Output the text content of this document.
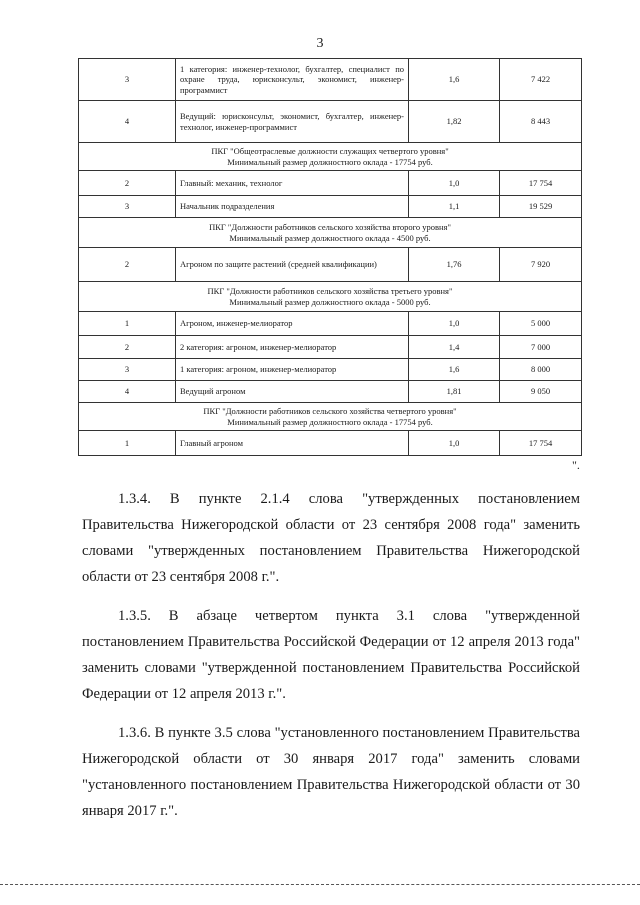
3
3	1 категория: инженер-технолог, бухгалтер, специалист по охране труда, юрисконсульт, экономист, инженер-программист	1,6	7 422
4	Ведущий: юрисконсульт, экономист, бухгалтер, инженер-технолог, инженер-программист	1,82	8 443

ПКГ "Общеотраслевые должности служащих четвертого уровня"
Минимальный размер должностного оклада - 17754 руб.			

2	Главный: механик, технолог	1,0	17 754
3	Начальник подразделения	1,1	19 529

ПКГ "Должности работников сельского хозяйства второго уровня"
Минимальный размер должностного оклада - 4500 руб.			

2	Агроном по защите растений (средней квалификации)	1,76	7 920

ПКГ "Должности работников сельского хозяйства третьего уровня"
Минимальный размер должностного оклада - 5000 руб.			

1	Агроном, инженер-мелиоратор	1,0	5 000
2	2 категория: агроном, инженер-мелиоратор	1,4	7 000
3	1 категория: агроном, инженер-мелиоратор	1,6	8 000
4	Ведущий агроном	1,81	9 050

ПКГ "Должности работников сельского хозяйства четвертого уровня"
Минимальный размер должностного оклада - 17754 руб.			

1	Главный агроном	1,0	17 754
".

1.3.4. В пункте 2.1.4 слова "утвержденных постановлением Правительства Нижегородской области от 23 сентября 2008 года" заменить словами "утвержденных постановлением Правительства Нижегородской области от 23 сентября 2008 г.".

1.3.5. В абзаце четвертом пункта 3.1 слова "утвержденной постановлением Правительства Российской Федерации от 12 апреля 2013 года" заменить словами "утвержденной постановлением Правительства Российской Федерации от 12 апреля 2013 г.".

1.3.6. В пункте 3.5 слова "установленного постановлением Правительства Нижегородской области от 30 января 2017 года" заменить словами "установленного постановлением Правительства Нижегородской области от 30 января 2017 г.".
